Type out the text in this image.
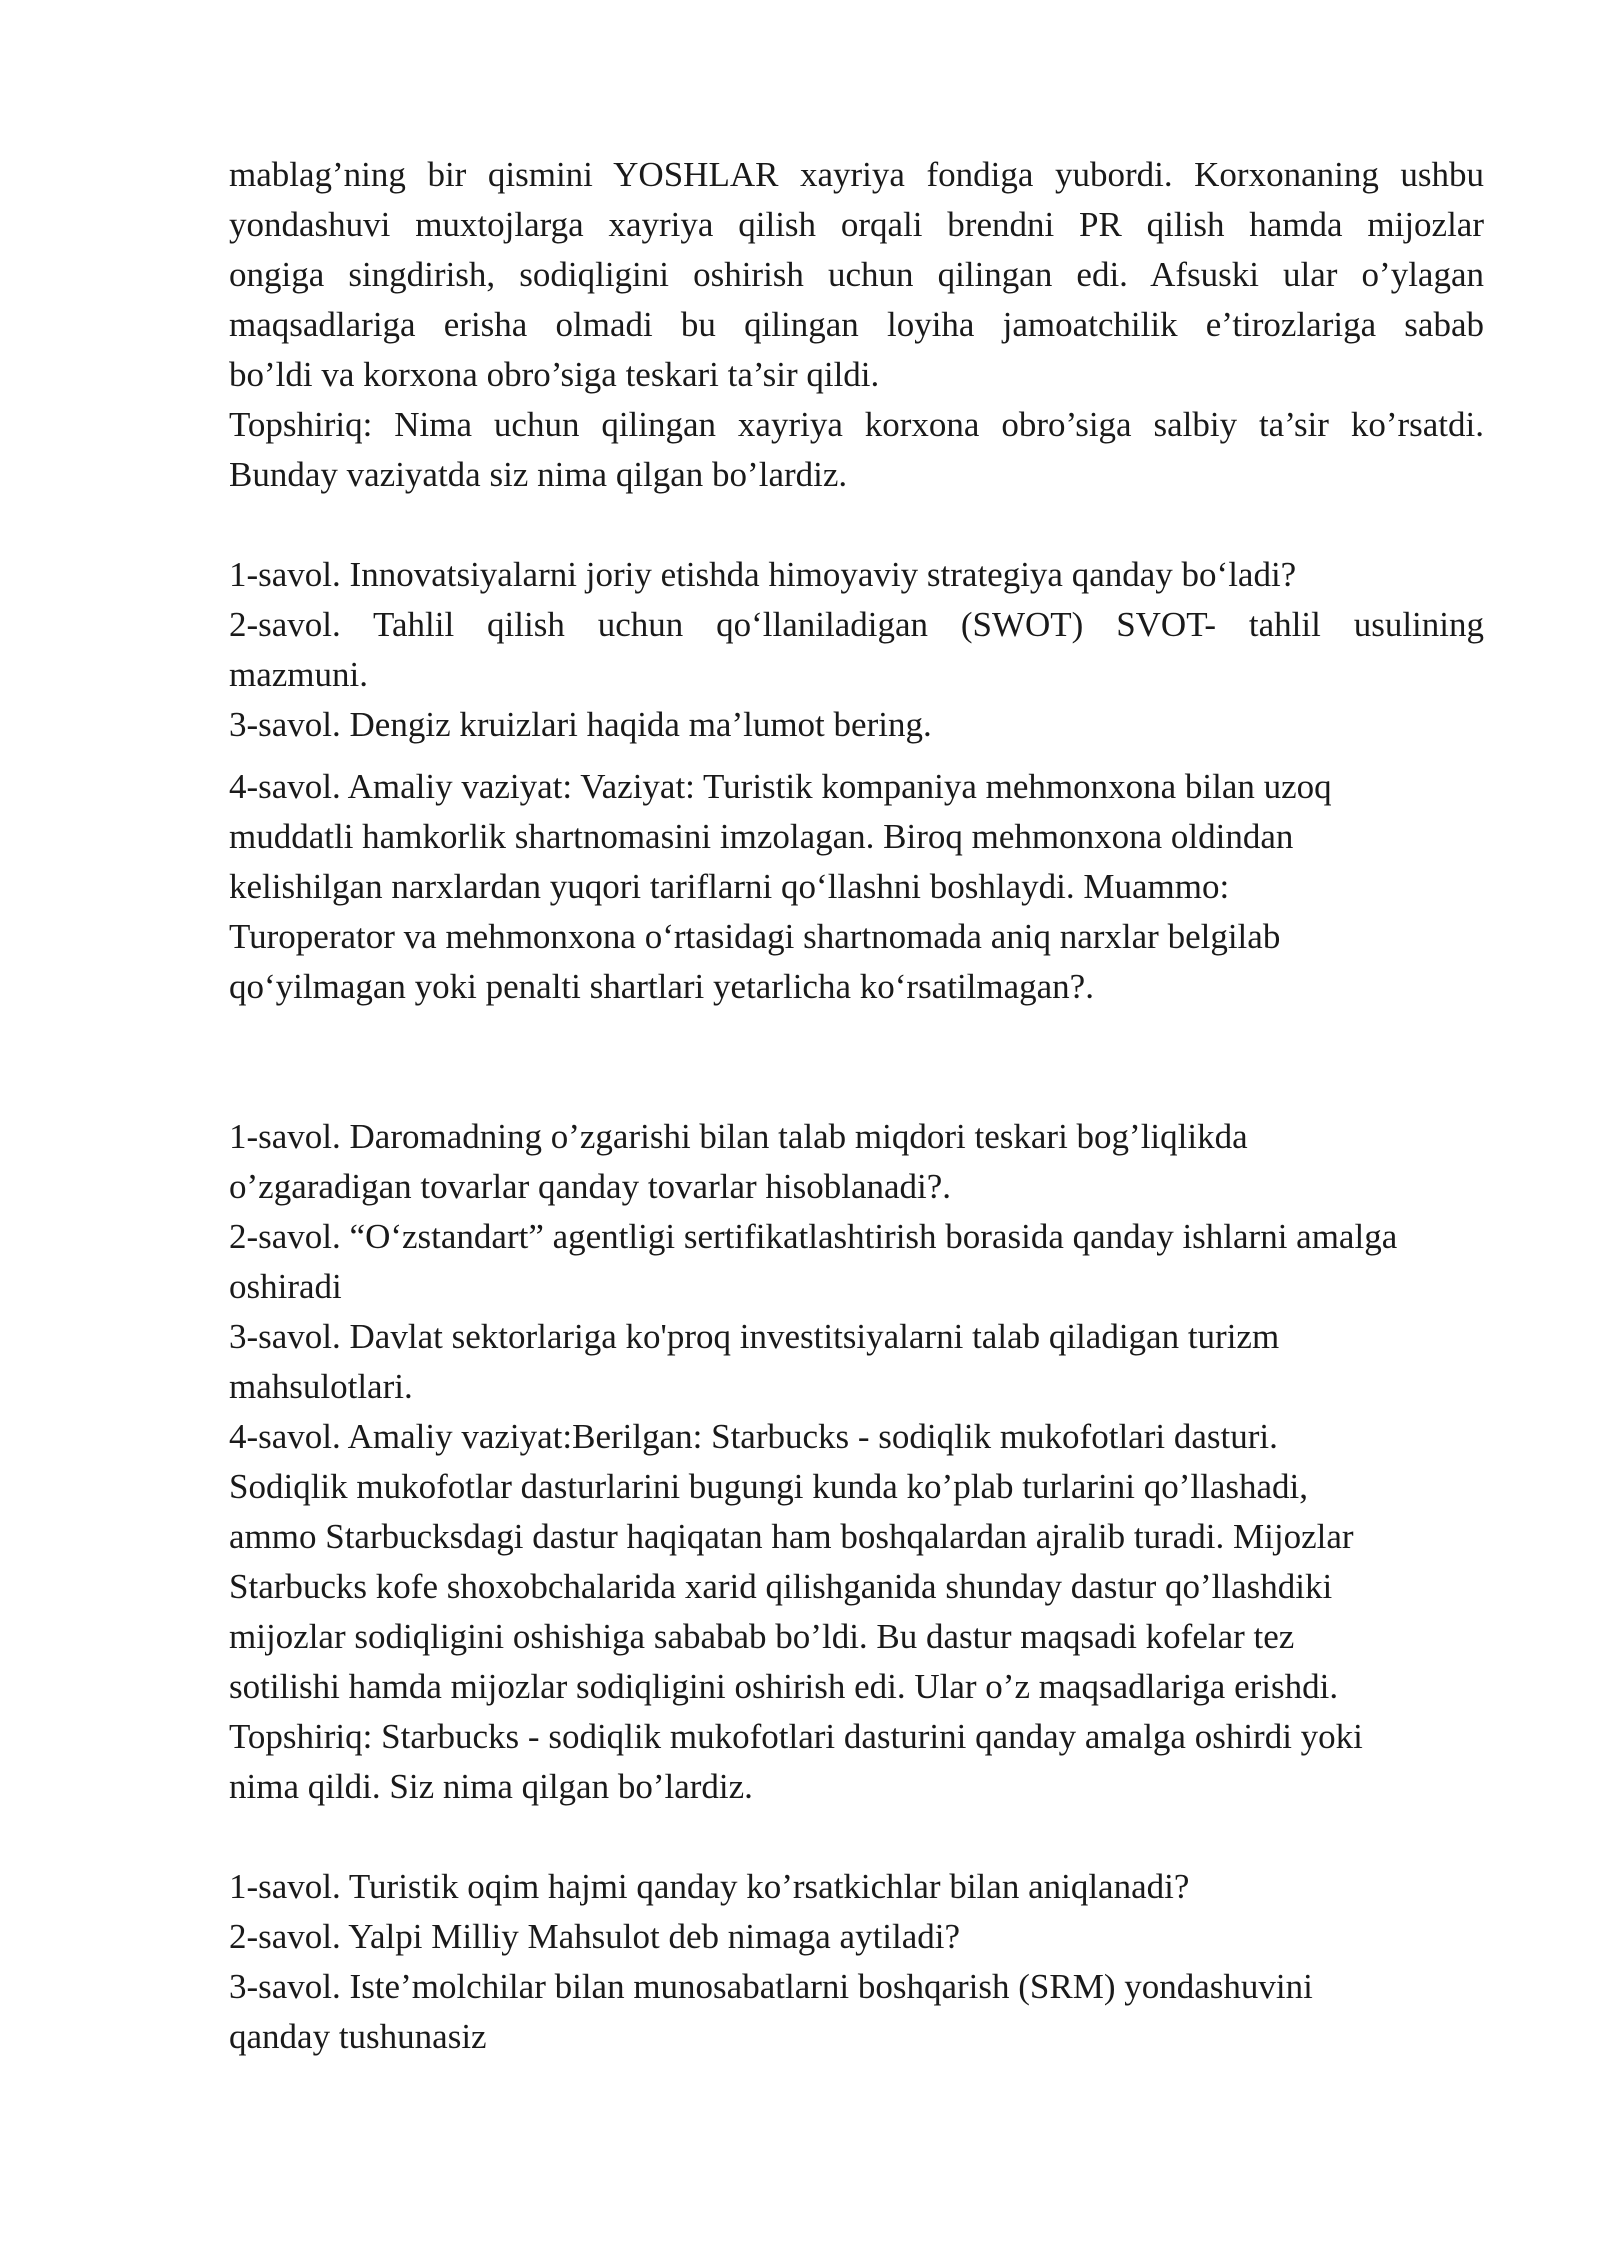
mablag’ning bir qismini YOSHLAR xayriya fondiga yubordi. Korxonaning ushbu
yondashuvi muxtojlarga xayriya qilish orqali brendni PR qilish hamda mijozlar
ongiga singdirish, sodiqligini oshirish uchun qilingan edi. Afsuski ular o’ylagan
maqsadlariga erisha olmadi bu qilingan loyiha jamoatchilik e’tirozlariga sabab
bo’ldi va korxona obro’siga teskari ta’sir qildi.
Topshiriq: Nima uchun qilingan xayriya korxona obro’siga salbiy ta’sir ko’rsatdi.
Bunday vaziyatda siz nima qilgan bo’lardiz.
1-savol. Innovatsiyalarni joriy etishda himoyaviy strategiya qanday bo‘ladi?
2-savol. Tahlil qilish uchun qo‘llaniladigan (SWOT) SVOT- tahlil usulining
mazmuni.
3-savol. Dengiz kruizlari haqida ma’lumot bering.
4-savol. Amaliy vaziyat: Vaziyat: Turistik kompaniya mehmonxona bilan uzoq
muddatli hamkorlik shartnomasini imzolagan. Biroq mehmonxona oldindan
kelishilgan narxlardan yuqori tariflarni qo‘llashni boshlaydi. Muammo:
Turoperator va mehmonxona o‘rtasidagi shartnomada aniq narxlar belgilab
qo‘yilmagan yoki penalti shartlari yetarlicha ko‘rsatilmagan?.
1-savol. Daromadning o’zgarishi bilan talab miqdori teskari bog’liqlikda
o’zgaradigan tovarlar qanday tovarlar hisoblanadi?.
2-savol. “O‘zstandart” agentligi sertifikatlashtirish borasida qanday ishlarni amalga
oshiradi
3-savol. Davlat sektorlariga ko'proq investitsiyalarni talab qiladigan turizm
mahsulotlari.
4-savol. Amaliy vaziyat:Berilgan: Starbucks - sodiqlik mukofotlari dasturi.
Sodiqlik mukofotlar dasturlarini bugungi kunda ko’plab turlarini qo’llashadi,
ammo Starbucksdagi dastur haqiqatan ham boshqalardan ajralib turadi. Mijozlar
Starbucks kofe shoxobchalarida xarid qilishganida shunday dastur qo’llashdiki
mijozlar sodiqligini oshishiga sababab bo’ldi. Bu dastur maqsadi kofelar tez
sotilishi hamda mijozlar sodiqligini oshirish edi. Ular o’z maqsadlariga erishdi.
Topshiriq: Starbucks - sodiqlik mukofotlari dasturini qanday amalga oshirdi yoki
nima qildi. Siz nima qilgan bo’lardiz.
1-savol. Turistik oqim hajmi qanday ko’rsatkichlar bilan aniqlanadi?
2-savol. Yalpi Milliy Mahsulot deb nimaga aytiladi?
3-savol. Iste’molchilar bilan munosabatlarni boshqarish (SRM) yondashuvini
qanday tushunasiz
